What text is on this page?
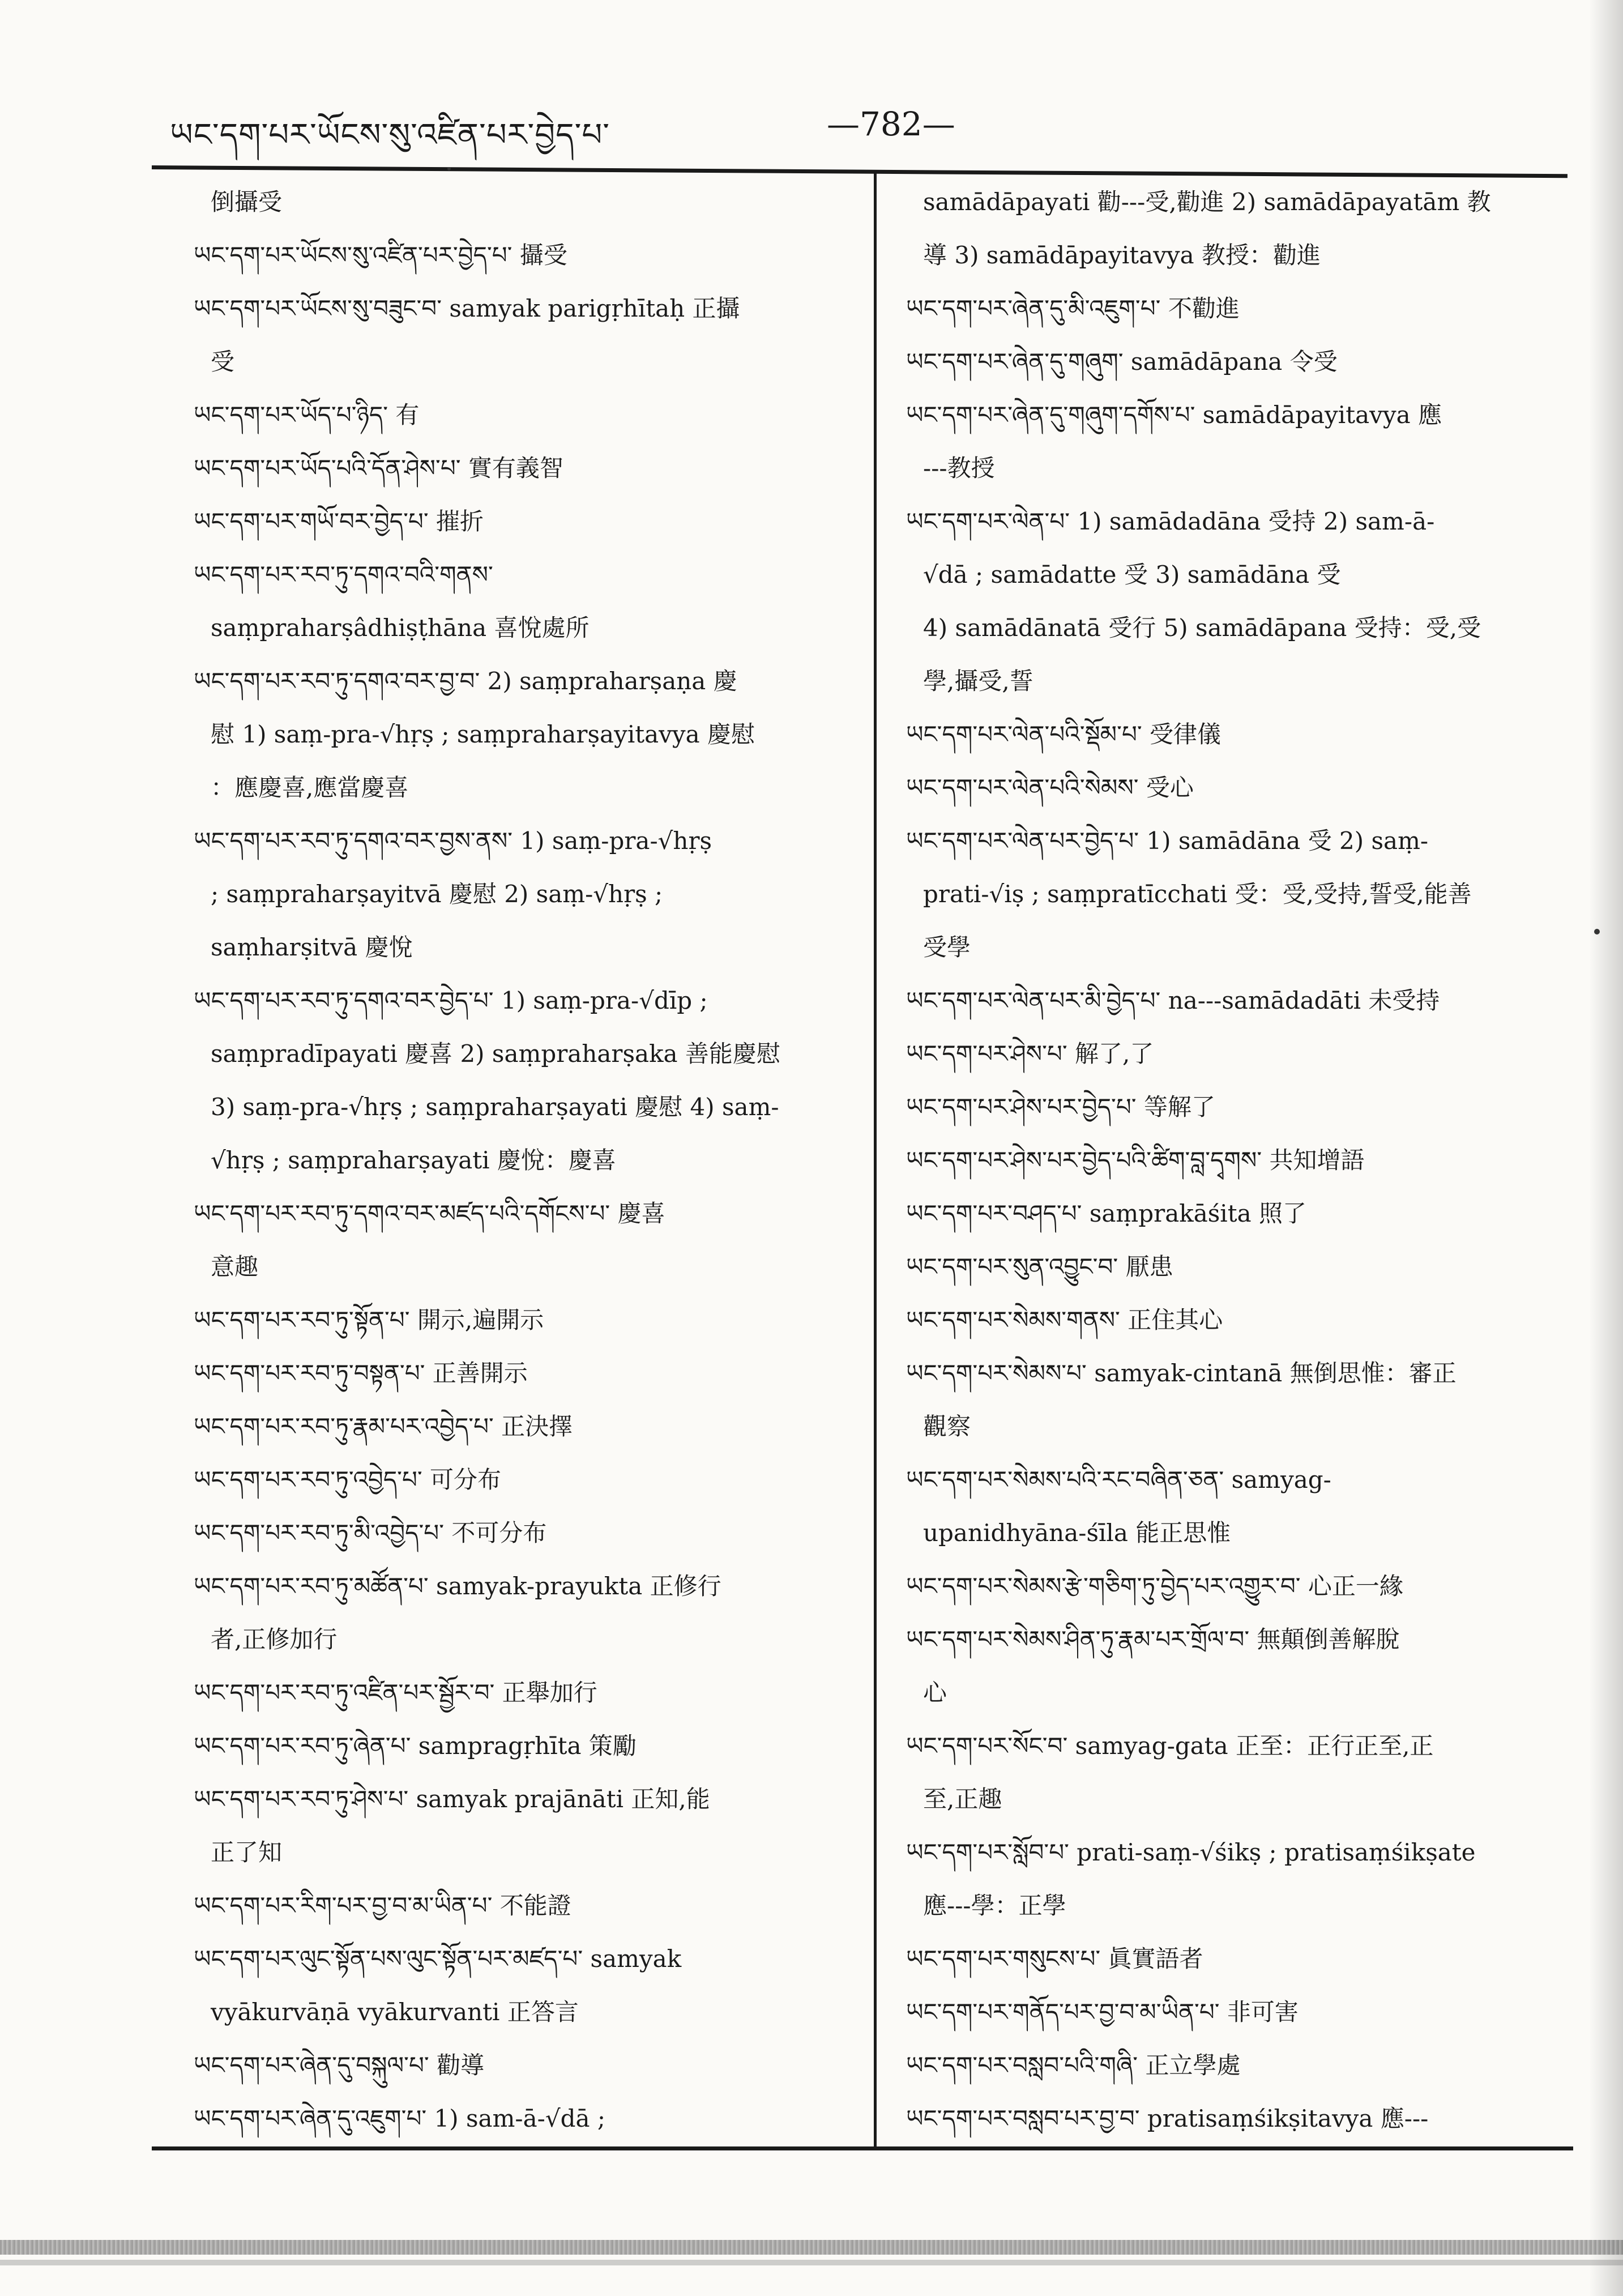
ཡང་དག་པར་ཡོངས་སུ་འཛིན་པར་བྱེད་པ་	—782—
倒攝受
ཡང་དག་པར་ཡོངས་སུ་འཛིན་པར་བྱེད་པ་ 攝受
ཡང་དག་པར་ཡོངས་སུ་བཟུང་བ་ samyak parigṛhītaḥ 正攝
受
ཡང་དག་པར་ཡོད་པ་ཉིད་ 有
ཡང་དག་པར་ཡོད་པའི་དོན་ཤེས་པ་ 實有義智
ཡང་དག་པར་གཡོ་བར་བྱེད་པ་ 摧折
ཡང་དག་པར་རབ་ཏུ་དགའ་བའི་གནས་
saṃpraharṣâdhiṣṭhāna 喜悅處所
ཡང་དག་པར་རབ་ཏུ་དགའ་བར་བྱ་བ་ 2) saṃpraharṣaṇa 慶
慰 1) saṃ-pra-√hṛṣ ; saṃpraharṣayitavya 慶慰
：應慶喜,應當慶喜
ཡང་དག་པར་རབ་ཏུ་དགའ་བར་བྱས་ནས་ 1) saṃ-pra-√hṛṣ
; saṃpraharṣayitvā 慶慰 2) saṃ-√hṛṣ ;
saṃharṣitvā 慶悅
ཡང་དག་པར་རབ་ཏུ་དགའ་བར་བྱེད་པ་ 1) saṃ-pra-√dīp ;
saṃpradīpayati 慶喜 2) saṃpraharṣaka 善能慶慰
3) saṃ-pra-√hṛṣ ; saṃpraharṣayati 慶慰 4) saṃ-
√hṛṣ ; saṃpraharṣayati 慶悅：慶喜
ཡང་དག་པར་རབ་ཏུ་དགའ་བར་མཛད་པའི་དགོངས་པ་ 慶喜
意趣
ཡང་དག་པར་རབ་ཏུ་སྟོན་པ་ 開示,遍開示
ཡང་དག་པར་རབ་ཏུ་བསྟན་པ་ 正善開示
ཡང་དག་པར་རབ་ཏུ་རྣམ་པར་འབྱེད་པ་ 正決擇
ཡང་དག་པར་རབ་ཏུ་འབྱེད་པ་ 可分布
ཡང་དག་པར་རབ་ཏུ་མི་འབྱེད་པ་ 不可分布
ཡང་དག་པར་རབ་ཏུ་མཚོན་པ་ samyak-prayukta 正修行
者,正修加行
ཡང་དག་པར་རབ་ཏུ་འཛིན་པར་སྦྱོར་བ་ 正舉加行
ཡང་དག་པར་རབ་ཏུ་ཞེན་པ་ sampragṛhīta 策勵
ཡང་དག་པར་རབ་ཏུ་ཤེས་པ་ samyak prajānāti 正知,能
正了知
ཡང་དག་པར་རིག་པར་བྱ་བ་མ་ཡིན་པ་ 不能證
ཡང་དག་པར་ལུང་སྟོན་པས་ལུང་སྟོན་པར་མཛད་པ་ samyak
vyākurvāṇā vyākurvanti 正答言
ཡང་དག་པར་ཞེན་དུ་བསྐུལ་པ་ 勸導
ཡང་དག་པར་ཞེན་དུ་འཇུག་པ་ 1) sam-ā-√dā ;
samādāpayati 勸---受,勸進 2) samādāpayatām 教
導 3) samādāpayitavya 教授：勸進
ཡང་དག་པར་ཞེན་དུ་མི་འཇུག་པ་ 不勸進
ཡང་དག་པར་ཞེན་དུ་གཞུག་ samādāpana 令受
ཡང་དག་པར་ཞེན་དུ་གཞུག་དགོས་པ་ samādāpayitavya 應
---教授
ཡང་དག་པར་ལེན་པ་ 1) samādadāna 受持 2) sam-ā-
√dā ; samādatte 受 3) samādāna 受
4) samādānatā 受行 5) samādāpana 受持：受,受
學,攝受,誓
ཡང་དག་པར་ལེན་པའི་སྡོམ་པ་ 受律儀
ཡང་དག་པར་ལེན་པའི་སེམས་ 受心
ཡང་དག་པར་ལེན་པར་བྱེད་པ་ 1) samādāna 受 2) saṃ-
prati-√iṣ ; saṃpratīcchati 受：受,受持,誓受,能善
受學
ཡང་དག་པར་ལེན་པར་མི་བྱེད་པ་ na---samādadāti 未受持
ཡང་དག་པར་ཤེས་པ་ 解了,了
ཡང་དག་པར་ཤེས་པར་བྱེད་པ་ 等解了
ཡང་དག་པར་ཤེས་པར་བྱེད་པའི་ཚིག་བླ་དྭགས་ 共知增語
ཡང་དག་པར་བཤད་པ་ saṃprakāśita 照了
ཡང་དག་པར་སུན་འབྱུང་བ་ 厭患
ཡང་དག་པར་སེམས་གནས་ 正住其心
ཡང་དག་པར་སེམས་པ་ samyak-cintanā 無倒思惟：審正
觀察
ཡང་དག་པར་སེམས་པའི་རང་བཞིན་ཅན་ samyag-
upanidhyāna-śīla 能正思惟
ཡང་དག་པར་སེམས་རྩེ་གཅིག་ཏུ་བྱེད་པར་འགྱུར་བ་ 心正一緣
ཡང་དག་པར་སེམས་ཤིན་ཏུ་རྣམ་པར་གྲོལ་བ་ 無顛倒善解脫
心
ཡང་དག་པར་སོང་བ་ samyag-gata 正至：正行正至,正
至,正趣
ཡང་དག་པར་སློབ་པ་ prati-saṃ-√śikṣ ; pratisaṃśikṣate
應---學：正學
ཡང་དག་པར་གསུངས་པ་ 眞實語者
ཡང་དག་པར་གནོད་པར་བྱ་བ་མ་ཡིན་པ་ 非可害
ཡང་དག་པར་བསླབ་པའི་གཞི་ 正立學處
ཡང་དག་པར་བསླབ་པར་བྱ་བ་ pratisaṃśikṣitavya 應---
